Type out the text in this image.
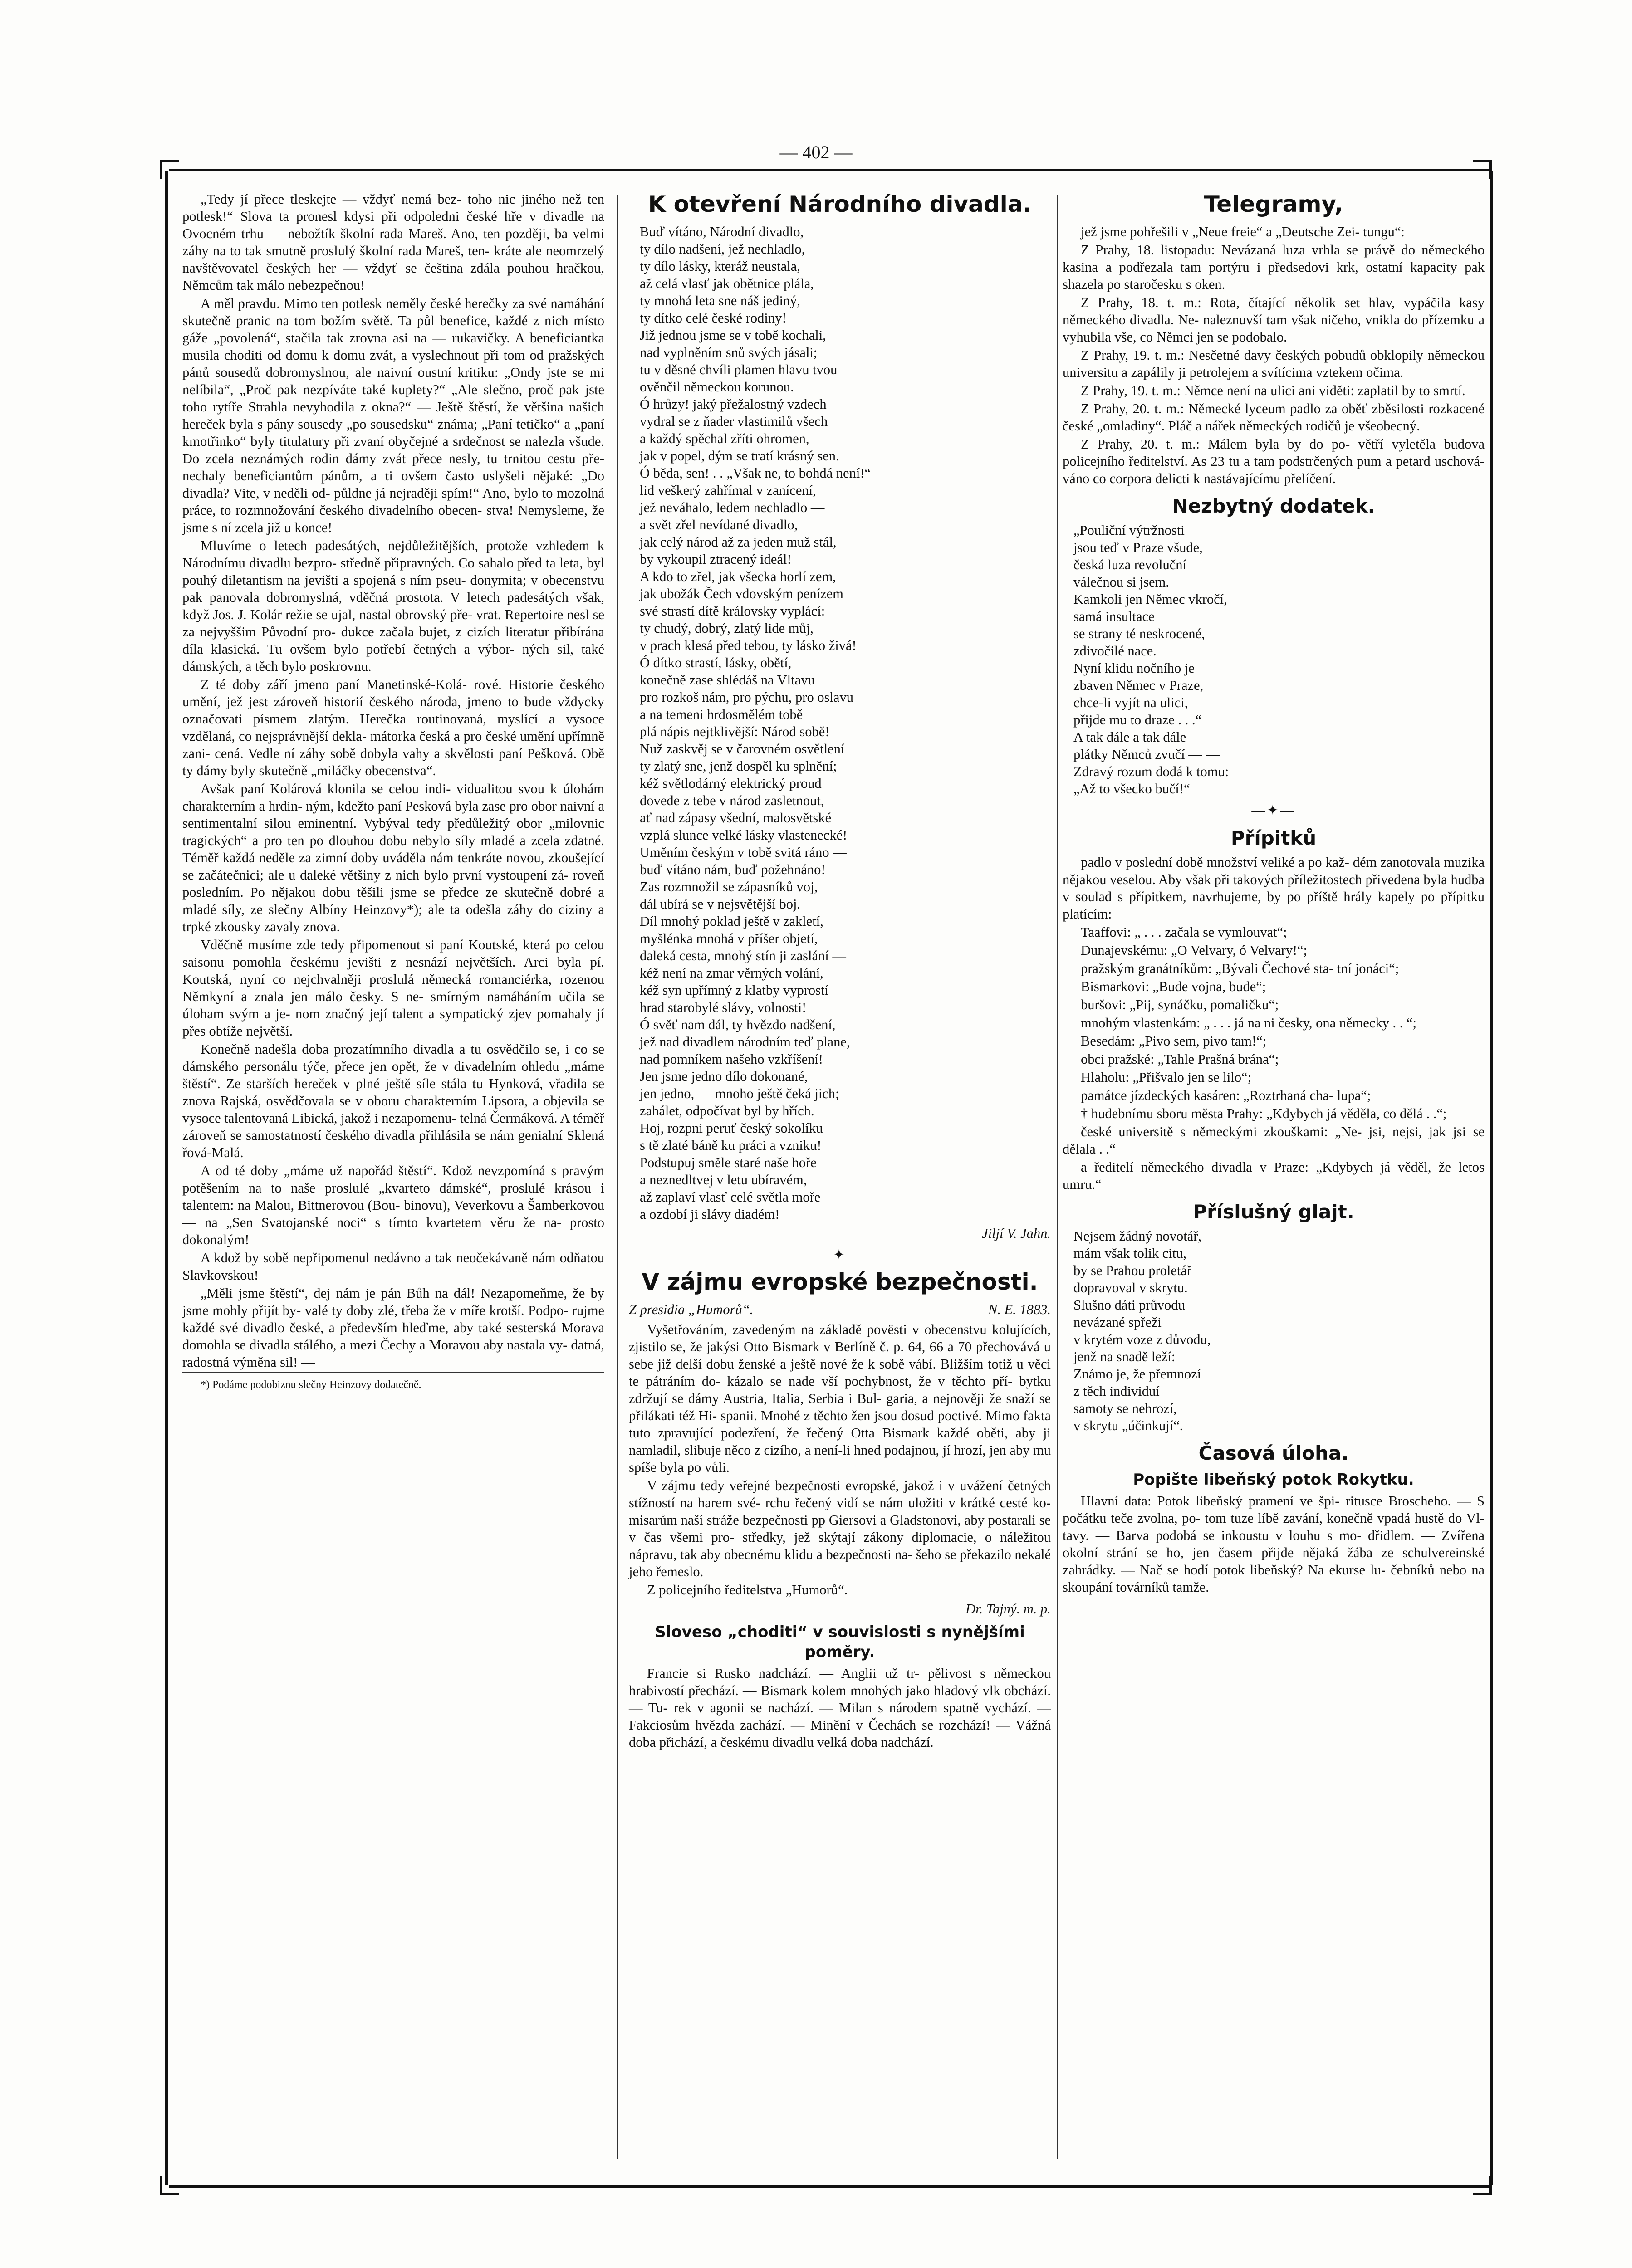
— 402 —

„Tedy jí přece tleskejte — vždyť nemá bez- toho nic jiného než ten potlesk!“ Slova ta pronesl kdysi při odpoledni české hře v divadle na Ovocném trhu — nebožtík školní rada Mareš. Ano, ten později, ba velmi záhy na to tak smutně proslulý školní rada Mareš, ten- kráte ale neomrzelý navštěvovatel českých her — vždyť se čeština zdála pouhou hračkou, Němcům tak málo nebezpečnou!

A měl pravdu. Mimo ten potlesk neměly české herečky za své namáhání skutečně pranic na tom božím světě. Ta půl benefice, každé z nich místo gáže „povolená“, stačila tak zrovna asi na — rukavičky. A beneficiantka musila choditi od domu k domu zvát, a vyslechnout při tom od pražských pánů sousedů dobromyslnou, ale naivní oustní kritiku: „Ondy jste se mi nelíbila“, „Proč pak nezpíváte také kuplety?“ „Ale slečno, proč pak jste toho rytíře Strahla nevyhodila z okna?“ — Ještě štěstí, že většina našich hereček byla s pány sousedy „po sousedsku“ známa; „Paní tetičko“ a „paní kmotřinko“ byly titulatury při zvaní obyčejné a srdečnost se nalezla všude. Do zcela neznámých rodin dámy zvát přece nesly, tu trnitou cestu pře- nechaly beneficiantům pánům, a ti ovšem často uslyšeli nějaké: „Do divadla? Vite, v neděli od- půldne já nejraději spím!“ Ano, bylo to mozolná práce, to rozmnožování českého divadelního obecen- stva! Nemysleme, že jsme s ní zcela již u konce!

Mluvíme o letech padesátých, nejdůležitějších, protože vzhledem k Národnímu divadlu bezpro- středně připravných. Co sahalo před ta leta, byl pouhý diletantism na jevišti a spojená s ním pseu- donymita; v obecenstvu pak panovala dobromyslná, vděčná prostota. V letech padesátých však, když Jos. J. Kolár režie se ujal, nastal obrovský pře- vrat. Repertoire nesl se za nejvyššim Původní pro- dukce začala bujet, z cizích literatur přibírána díla klasická. Tu ovšem bylo potřebí četných a výbor- ných sil, také dámských, a těch bylo poskrovnu.

Z té doby září jmeno paní Manetinské-Kolá- rové. Historie českého umění, jež jest zároveň historií českého národa, jmeno to bude vždycky označovati písmem zlatým. Herečka routinovaná, myslící a vysoce vzdělaná, co nejsprávnější dekla- mátorka česká a pro české umění upřímně zani- cená. Vedle ní záhy sobě dobyla vahy a skvělosti paní Pešková. Obě ty dámy byly skutečně „miláčky obecenstva“.

Avšak paní Kolárová klonila se celou indi- vidualitou svou k úlohám charakterním a hrdin- ným, kdežto paní Pesková byla zase pro obor naivní a sentimentalní silou eminentní. Vybýval tedy předůležitý obor „milovnic tragických“ a pro ten po dlouhou dobu nebylo síly mladé a zcela zdatné. Téměř každá neděle za zimní doby uváděla nám tenkráte novou, zkoušející se začátečnici; ale u daleké většiny z nich bylo první vystoupení zá- roveň posledním. Po nějakou dobu těšili jsme se předce ze skutečně dobré a mladé síly, ze slečny Albíny Heinzovy*); ale ta odešla záhy do ciziny a trpké zkousky zavaly znova.

Vděčně musíme zde tedy připomenout si paní Koutské, která po celou saisonu pomohla českému jevišti z nesnází největších. Arci byla pí. Koutská, nyní co nejchvalněji proslulá německá romanciérka, rozenou Němkyní a znala jen málo česky. S ne- smírným namáháním učila se úloham svým a je- nom značný její talent a sympatický zjev pomahaly jí přes obtíže největší.

Konečně nadešla doba prozatímního divadla a tu osvědčilo se, i co se dámského personálu týče, přece jen opět, že v divadelním ohledu „máme štěstí“. Ze starších hereček v plné ještě síle stála tu Hynková, vřadila se znova Rajská, osvědčovala se v oboru charakterním Lipsora, a objevila se vysoce talentovaná Libická, jakož i nezapomenu- telná Čermáková. A téměř zároveň se samostatností českého divadla přihlásila se nám genialní Sklená řová-Malá.

A od té doby „máme už napořád štěstí“. Kdož nevzpomíná s pravým potěšením na to naše proslulé „kvarteto dámské“, proslulé krásou i talentem: na Malou, Bittnerovou (Bou- binovu), Veverkovu a Šamberkovou — na „Sen Svatojanské noci“ s tímto kvartetem věru že na- prosto dokonalým!

A kdož by sobě nepřipomenul nedávno a tak neočekávaně nám odňatou Slavkovskou!

„Měli jsme štěstí“, dej nám je pán Bůh na dál! Nezapomeňme, že by jsme mohly přijít by- valé ty doby zlé, třeba že v míře krotší. Podpo- rujme každé své divadlo české, a především hleďme, aby také sesterská Morava domohla se divadla stálého, a mezi Čechy a Moravou aby nastala vy- datná, radostná výměna sil! —

*) Podáme podobiznu slečny Heinzovy dodatečně.

K otevření Národního divadla.

Buď vítáno, Národní divadlo,
ty dílo nadšení, jež nechladlo,
ty dílo lásky, kteráž neustala,
až celá vlasť jak obětnice plála,
ty mnohá leta sne náš jediný,
ty dítko celé české rodiny!
Již jednou jsme se v tobě kochali,
nad vyplněním snů svých jásali;
tu v děsné chvíli plamen hlavu tvou
ověnčil německou korunou.
Ó hrůzy! jaký přežalostný vzdech
vydral se z ňader vlastimilů všech
a každý spěchal zříti ohromen,
jak v popel, dým se tratí krásný sen.
Ó běda, sen! . . „Však ne, to bohdá není!“
lid veškerý zahřímal v zanícení,
jež neváhalo, ledem nechladlo —
a svět zřel nevídané divadlo,
jak celý národ až za jeden muž stál,
by vykoupil ztracený ideál!
A kdo to zřel, jak všecka horlí zem,
jak ubožák Čech vdovským penízem
své strastí dítě královsky vyplácí:
ty chudý, dobrý, zlatý lide můj,
v prach klesá před tebou, ty lásko živá!
Ó dítko strastí, lásky, obětí,
konečně zase shlédáš na Vltavu
pro rozkoš nám, pro pýchu, pro oslavu
a na temeni hrdosmělém tobě
plá nápis nejtklivější: Národ sobě!
Nuž zaskvěj se v čarovném osvětlení
ty zlatý sne, jenž dospěl ku splnění;
kéž světlodárný elektrický proud
dovede z tebe v národ zasletnout,
ať nad zápasy všední, malosvětské
vzplá slunce velké lásky vlastenecké!
Uměním českým v tobě svitá ráno —
buď vítáno nám, buď požehnáno!
Zas rozmnožil se zápasníků voj,
dál ubírá se v nejsvětější boj.
Díl mnohý poklad ještě v zakletí,
myšlénka mnohá v příšer objetí,
daleká cesta, mnohý stín ji zaslání —
kéž není na zmar věrných volání,
kéž syn upřímný z klatby vyprostí
hrad starobylé slávy, volnosti!
Ó svěť nam dál, ty hvězdo nadšení,
jež nad divadlem národním teď plane,
nad pomníkem našeho vzkříšení!
Jen jsme jedno dílo dokonané,
jen jedno, — mnoho ještě čeká jich;
zahálet, odpočívat byl by hřích.
Hoj, rozpni peruť český sokolíku
s tě zlaté báně ku práci a vzniku!
Podstupuj směle staré naše hoře
a neznedltvej v letu ubíravém,
až zaplaví vlasť celé světla moře
a ozdobí ji slávy diadém!

Jiljí V. Jahn.
—✦—
V zájmu evropské bezpečnosti.
Z presidia „Humorů“.	N. E. 1883.

Vyšetřováním, zavedeným na základě povësti v obecenstvu kolujících, zjistilo se, že jakýsi Otto Bismark v Berlíně č. p. 64, 66 a 70 přechovává u sebe již delší dobu ženské a ještě nové že k sobě vábí. Bližším totiž u věci te pátráním do- kázalo se nade vší pochybnost, že v těchto pří- bytku zdržují se dámy Austria, Italia, Serbia i Bul- garia, a nejnověji že snaží se přilákati též Hi- spanii. Mnohé z těchto žen jsou dosud poctivé. Mimo fakta tuto zpravující podezření, že řečený Otta Bismark každé oběti, aby ji namladil, slibuje něco z cizího, a není-li hned podajnou, jí hrozí, jen aby mu spíše byla po vůli.

V zájmu tedy veřejné bezpečnosti evropské, jakož i v uvážení četných stížností na harem své- rchu řečený vidí se nám uložiti v krátké cesté ko- misarům naší stráže bezpečnosti pp Giersovi a Gladstonovi, aby postarali se v čas všemi pro- středky, jež skýtají zákony diplomacie, o náležitou nápravu, tak aby obecnému klidu a bezpečnosti na- šeho se překazilo nekalé jeho řemeslo.

Z policejního ředitelstva „Humorů“.

Dr. Tajný. m. p.
Sloveso „choditi“ v souvislosti s nynějšími poměry.

Francie si Rusko nadchází. — Anglii už tr- pělivost s německou hrabivostí přechází. — Bismark kolem mnohých jako hladový vlk obchází. — Tu- rek v agonii se nachází. — Milan s národem spatně vychází. — Fakciosům hvězda zachází. — Minění v Čechách se rozchází! — Vážná doba přichází, a českému divadlu velká doba nadchází.

Telegramy,

jež jsme pohřešili v „Neue freie“ a „Deutsche Zei- tungu“:

Z Prahy, 18. listopadu: Nevázaná luza vrhla se právě do německého kasina a podřezala tam portýru i předsedovi krk, ostatní kapacity pak shazela po staročesku s oken.

Z Prahy, 18. t. m.: Rota, čítající několik set hlav, vypáčila kasy německého divadla. Ne- naleznuvší tam však ničeho, vnikla do přízemku a vyhubila vše, co Němci jen se podobalo.

Z Prahy, 19. t. m.: Nesčetné davy českých pobudů obklopily německou universitu a zapálily ji petrolejem a svítícima vztekem očima.

Z Prahy, 19. t. m.: Němce není na ulici ani viděti: zaplatil by to smrtí.

Z Prahy, 20. t. m.: Německé lyceum padlo za oběť zběsilosti rozkacené české „omladiny“. Pláč a nářek německých rodičů je všeobecný.

Z Prahy, 20. t. m.: Málem byla by do po- větří vyletěla budova policejního ředitelství. As 23 tu a tam podstrčených pum a petard uschová- váno co corpora delicti k nastávajícímu přelíčení.

Nezbytný dodatek.

„Pouliční výtržnosti
jsou teď v Praze všude,
česká luza revoluční
válečnou si jsem.
Kamkoli jen Němec vkročí,
samá insultace
se strany té neskrocené,
zdivočilé nace.
Nyní klidu nočního je
zbaven Němec v Praze,
chce-li vyjít na ulici,
přijde mu to draze . . .“
A tak dále a tak dále
plátky Němců zvučí — —
Zdravý rozum dodá k tomu:
„Až to všecko bučí!“

—✦—
Přípitků

padlo v poslední době množství veliké a po kaž- dém zanotovala muzika nějakou veselou. Aby však při takových příležitostech přivedena byla hudba v soulad s přípitkem, navrhujeme, by po příště hrály kapely po přípitku platícím:

Taaffovi: „ . . . začala se vymlouvat“;

Dunajevskému: „O Velvary, ó Velvary!“;

pražským granátníkům: „Bývali Čechové sta- tní jonáci“;

Bismarkovi: „Bude vojna, bude“;

buršovi: „Pij, synáčku, pomaličku“;

mnohým vlastenkám: „ . . . já na ni česky, ona německy . . “;

Besedám: „Pivo sem, pivo tam!“;

obci pražské: „Tahle Prašná brána“;

Hlaholu: „Přišvalo jen se lilo“;

památce jízdeckých kasáren: „Roztrhaná cha- lupa“;

† hudebnímu sboru města Prahy: „Kdybych já věděla, co dělá . .“;

české universitě s německými zkouškami: „Ne- jsi, nejsi, jak jsi se dělala . .“

a ředitelí německého divadla v Praze: „Kdybych já věděl, že letos umru.“

Příslušný glajt.

Nejsem žádný novotář,
mám však tolik citu,
by se Prahou proletář
dopravoval v skrytu.
Slušno dáti průvodu
nevázané spřeži
v krytém voze z důvodu,
jenž na snadě leží:
Známo je, že přemnozí
z těch individuí
samoty se nehrozí,
v skrytu „účinkují“.

Časová úloha.
Popište libeňský potok Rokytku.

Hlavní data: Potok libeňský pramení ve špi- ritusce Broscheho. — S počátku teče zvolna, po- tom tuze líbě zavání, konečně vpadá hustě do Vl- tavy. — Barva podobá se inkoustu v louhu s mo- dřidlem. — Zvířena okolní strání se ho, jen časem přijde nějaká žába ze schulvereinské zahrádky. — Nač se hodí potok libeňský? Na ekurse lu- čebníků nebo na skoupání továrníků tamže.
